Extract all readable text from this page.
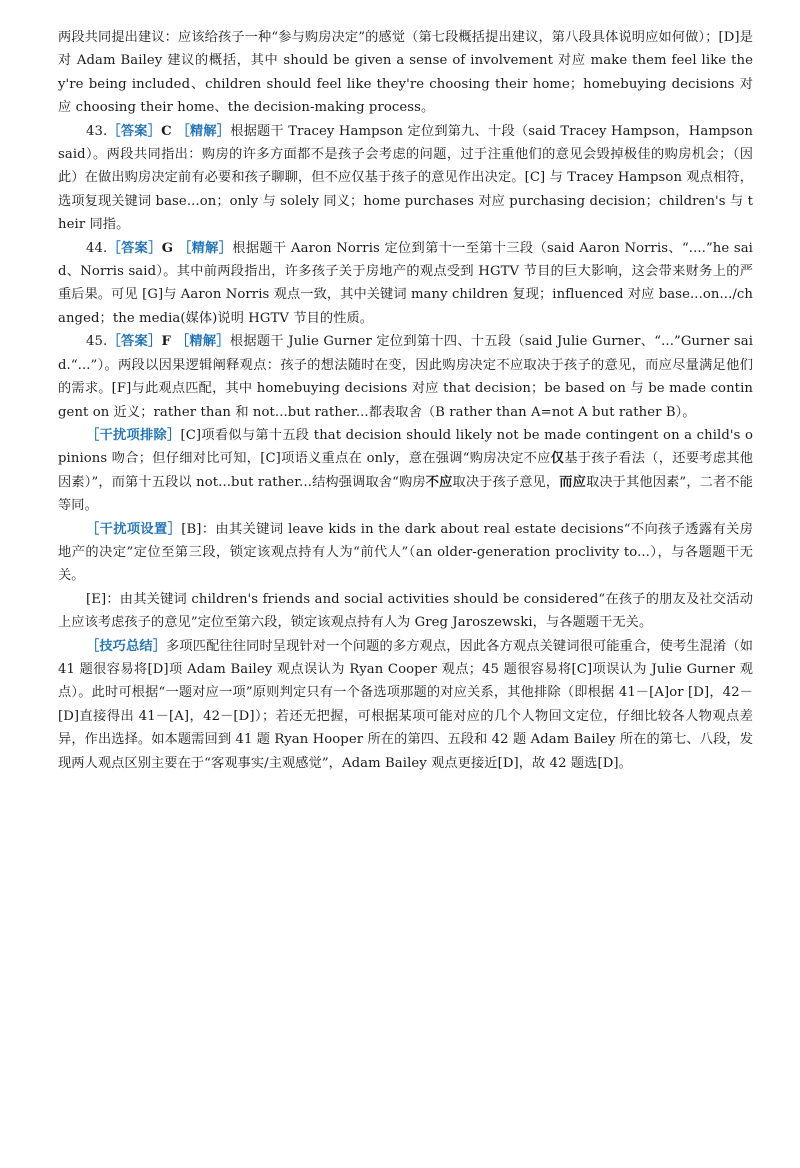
两段共同提出建议：应该给孩子一种“参与购房决定”的感觉（第七段概括提出建议，第八段具体说明应如何做）；[D]是对 Adam Bailey 建议的概括，其中 should be given a sense of involvement 对应 make them feel like they're being included、children should feel like they're choosing their home；homebuying decisions 对应 choosing their home、the decision-making process。

43.［答案］C ［精解］根据题干 Tracey Hampson 定位到第九、十段（said Tracey Hampson，Hampson said）。两段共同指出：购房的许多方面都不是孩子会考虑的问题，过于注重他们的意见会毁掉极佳的购房机会；（因此）在做出购房决定前有必要和孩子聊聊，但不应仅基于孩子的意见作出决定。[C] 与 Tracey Hampson 观点相符，选项复现关键词 base...on；only 与 solely 同义；home purchases 对应 purchasing decision；children's 与 their 同指。

44.［答案］G ［精解］根据题干 Aaron Norris 定位到第十一至第十三段（said Aaron Norris、“....”he said、Norris said）。其中前两段指出，许多孩子关于房地产的观点受到 HGTV 节目的巨大影响，这会带来财务上的严重后果。可见 [G]与 Aaron Norris 观点一致，其中关键词 many children 复现；influenced 对应 base...on.../changed；the media(媒体)说明 HGTV 节目的性质。

45.［答案］F ［精解］根据题干 Julie Gurner 定位到第十四、十五段（said Julie Gurner、“...”Gurner said.“...”）。两段以因果逻辑阐释观点：孩子的想法随时在变，因此购房决定不应取决于孩子的意见，而应尽量满足他们的需求。[F]与此观点匹配，其中 homebuying decisions 对应 that decision；be based on 与 be made contingent on 近义；rather than 和 not...but rather...都表取舍（B rather than A=not A but rather B）。

［干扰项排除］[C]项看似与第十五段 that decision should likely not be made contingent on a child's opinions 吻合；但仔细对比可知，[C]项语义重点在 only，意在强调“购房决定不应仅基于孩子看法（，还要考虑其他因素）”，而第十五段以 not...but rather...结构强调取舍“购房不应取决于孩子意见，而应取决于其他因素”，二者不能等同。

［干扰项设置］[B]：由其关键词 leave kids in the dark about real estate decisions“不向孩子透露有关房地产的决定”定位至第三段，锁定该观点持有人为“前代人”（an older-generation proclivity to...），与各题题干无关。

[E]：由其关键词 children's friends and social activities should be considered“在孩子的朋友及社交活动上应该考虑孩子的意见”定位至第六段，锁定该观点持有人为 Greg Jaroszewski，与各题题干无关。

［技巧总结］多项匹配往往同时呈现针对一个问题的多方观点，因此各方观点关键词很可能重合，使考生混淆（如 41 题很容易将[D]项 Adam Bailey 观点误认为 Ryan Cooper 观点；45 题很容易将[C]项误认为 Julie Gurner 观点）。此时可根据“一题对应一项”原则判定只有一个备选项那题的对应关系，其他排除（即根据 41－[A]or [D]，42－[D]直接得出 41－[A]，42－[D]）；若还无把握，可根据某项可能对应的几个人物回文定位，仔细比较各人物观点差异，作出选择。如本题需回到 41 题 Ryan Hooper 所在的第四、五段和 42 题 Adam Bailey 所在的第七、八段，发现两人观点区别主要在于“客观事实/主观感觉”，Adam Bailey 观点更接近[D]，故 42 题选[D]。
